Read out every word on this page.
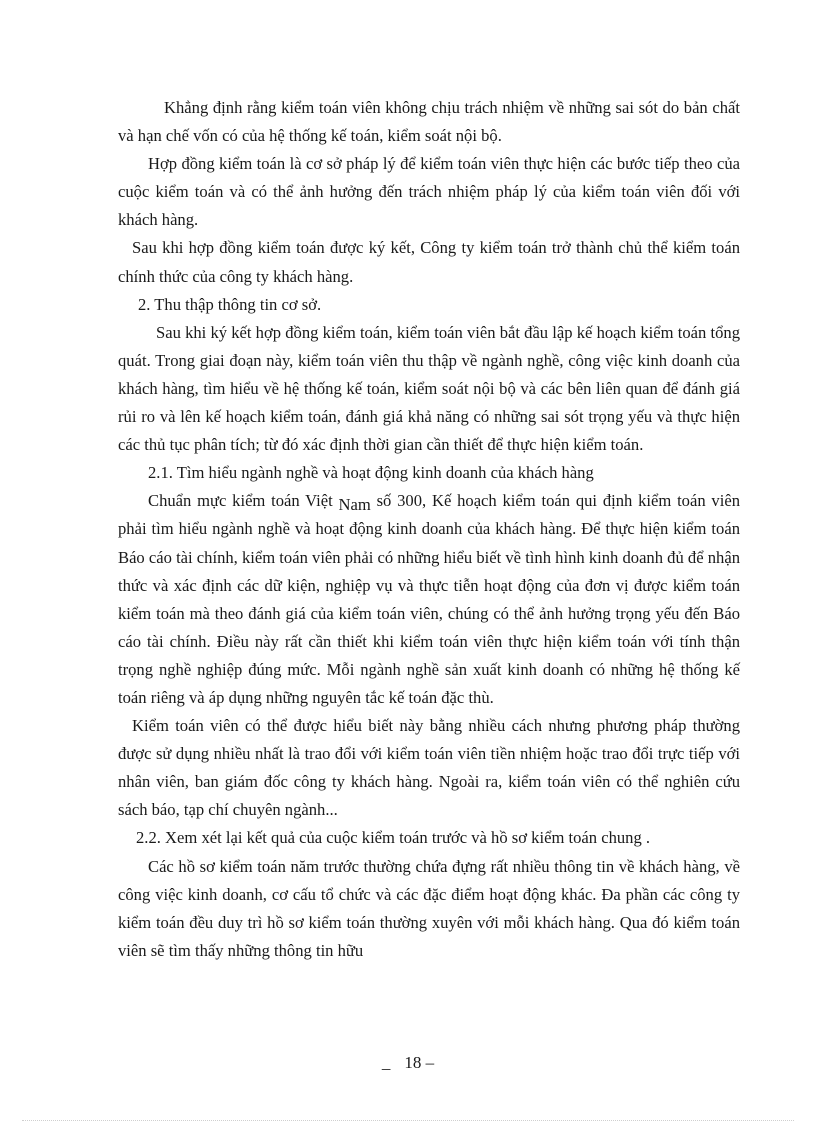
Khẳng định rằng kiểm toán viên không chịu trách nhiệm về những sai sót do bản chất và hạn chế vốn có của hệ thống kế toán, kiểm soát nội bộ.

Hợp đồng kiểm toán là cơ sở pháp lý để kiểm toán viên thực hiện các bước tiếp theo của cuộc kiểm toán và có thể ảnh hưởng đến trách nhiệm pháp lý của kiểm toán viên đối với khách hàng.

Sau khi hợp đồng kiểm toán được ký kết, Công ty kiểm toán trở thành chủ thể kiểm toán chính thức của công ty khách hàng.

2. Thu thập thông tin cơ sở.

Sau khi ký kết hợp đồng kiểm toán, kiểm toán viên bắt đầu lập kế hoạch kiểm toán tổng quát. Trong giai đoạn này, kiểm toán viên thu thập về ngành nghề, công việc kinh doanh của khách hàng, tìm hiểu về hệ thống kế toán, kiểm soát nội bộ và các bên liên quan để đánh giá rủi ro và lên kế hoạch kiểm toán, đánh giá khả năng có những sai sót trọng yếu và thực hiện các thủ tục phân tích; từ đó xác định thời gian cần thiết để thực hiện kiểm toán.

2.1. Tìm hiểu ngành nghề và hoạt động kinh doanh của khách hàng

Chuẩn mực kiểm toán Việt Nam số 300, Kế hoạch kiểm toán qui định kiểm toán viên phải tìm hiểu ngành nghề và hoạt động kinh doanh của khách hàng. Để thực hiện kiểm toán Báo cáo tài chính, kiểm toán viên phải có những hiểu biết về tình hình kinh doanh đủ để nhận thức và xác định các dữ kiện, nghiệp vụ và thực tiễn hoạt động của đơn vị được kiểm toán kiểm toán mà theo đánh giá của kiểm toán viên, chúng có thể ảnh hưởng trọng yếu đến Báo cáo tài chính. Điều này rất cần thiết khi kiểm toán viên thực hiện kiểm toán với tính thận trọng nghề nghiệp đúng mức. Mỗi ngành nghề sản xuất kinh doanh có những hệ thống kế toán riêng và áp dụng những nguyên tắc kế toán đặc thù.

Kiểm toán viên có thể được hiểu biết này bằng nhiều cách nhưng phương pháp thường được sử dụng nhiều nhất là trao đổi với kiểm toán viên tiền nhiệm hoặc trao đổi trực tiếp với nhân viên, ban giám đốc công ty khách hàng. Ngoài ra, kiểm toán viên có thể nghiên cứu sách báo, tạp chí chuyên ngành...

2.2. Xem xét lại kết quả của cuộc kiểm toán trước và hồ sơ kiểm toán chung .

Các hồ sơ kiểm toán năm trước thường chứa đựng rất nhiều thông tin về khách hàng, về công việc kinh doanh, cơ cấu tổ chức và các đặc điểm hoạt động khác. Đa phần các công ty kiểm toán đều duy trì hồ sơ kiểm toán thường xuyên với mỗi khách hàng. Qua đó kiểm toán viên sẽ tìm thấy những thông tin hữu

_ 18 –
